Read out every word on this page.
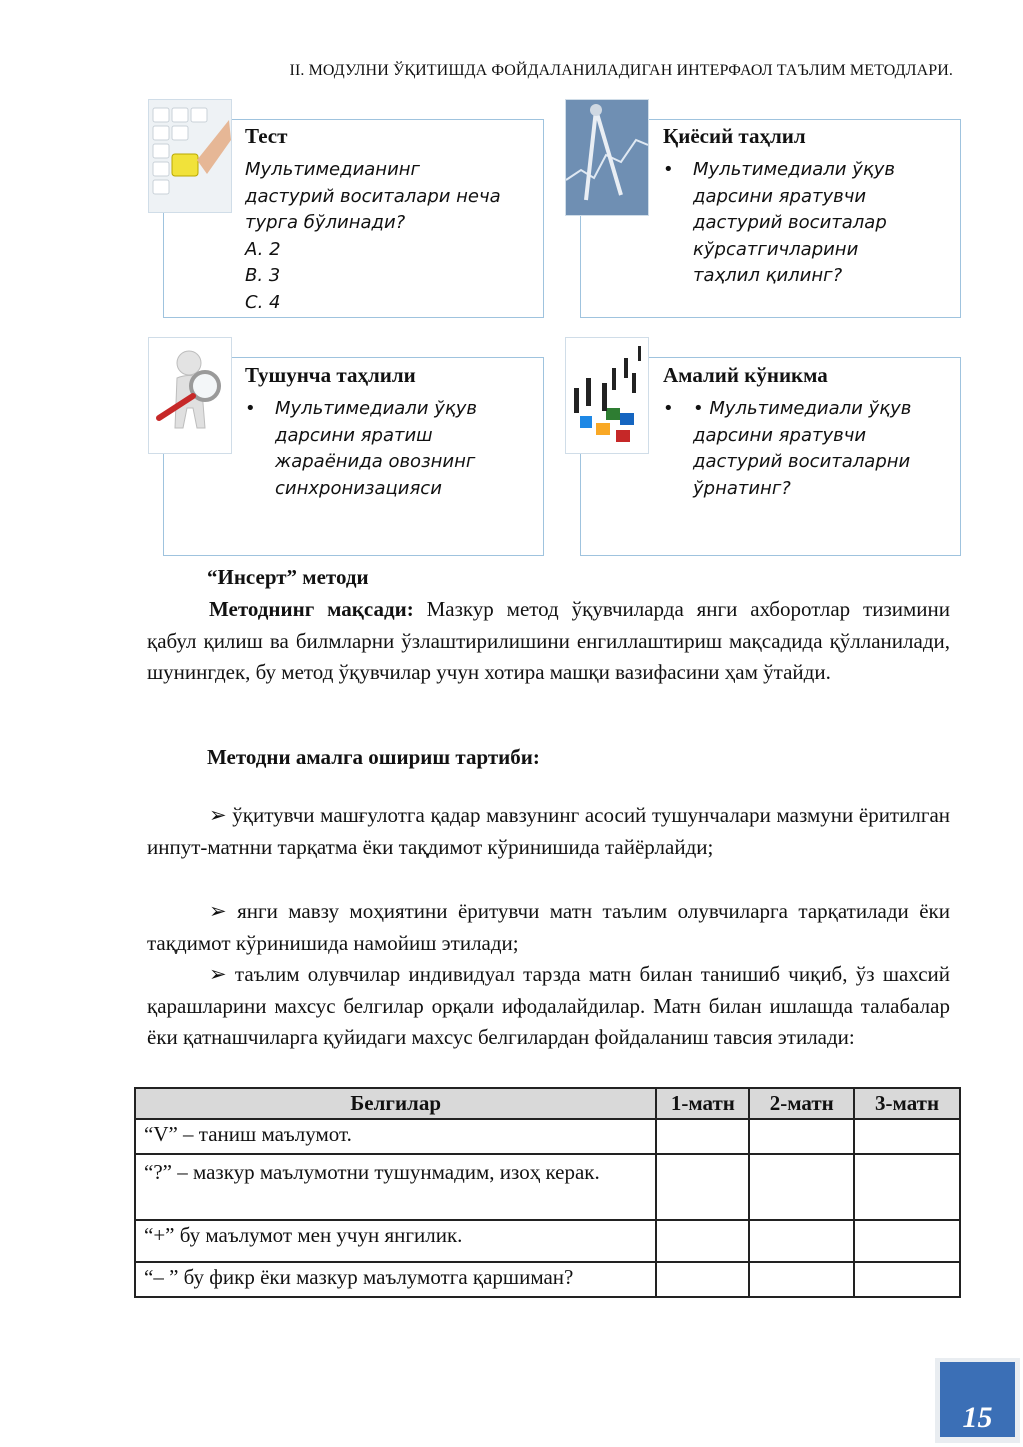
II. МОДУЛНИ ЎҚИТИШДА ФОЙДАЛАНИЛАДИГАН ИНТЕРФАОЛ ТАЪЛИМ МЕТОДЛАРИ.
Тест
Мультимедианинг
дастурий воситалари неча
турга бўлинади?
A. 2
B. 3
C. 4
Қиёсий таҳлил
•	Мультимедиали ўқув
дарсини яратувчи
дастурий воситалар
кўрсатгичларини
таҳлил қилинг?
Тушунча таҳлили
•	Мультимедиали ўқув
дарсини яратиш
жараёнида овознинг
синхронизацияси
Амалий кўникма
•	• Мультимедиали ўқув
дарсини яратувчи
дастурий воситаларни
ўрнатинг?
“Инсерт” методи
Методнинг мақсади: Мазкур метод ўқувчиларда янги ахборотлар тизимини қабул қилиш ва билмларни ўзлаштирилишини енгиллаштириш мақсадида қўлланилади, шунингдек, бу метод ўқувчилар учун хотира машқи вазифасини ҳам ўтайди.
Методни амалга ошириш тартиби:
➢ ўқитувчи машғулотга қадар мавзунинг асосий тушунчалари мазмуни ёритилган инпут-матнни тарқатма ёки тақдимот кўринишида тайёрлайди;
➢ янги мавзу моҳиятини ёритувчи матн таълим олувчиларга тарқатилади ёки тақдимот кўринишида намойиш этилади;
➢ таълим олувчилар индивидуал тарзда матн билан танишиб чиқиб, ўз шахсий қарашларини махсус белгилар орқали ифодалайдилар. Матн билан ишлашда талабалар ёки қатнашчиларга қуйидаги махсус белгилардан фойдаланиш тавсия этилади:
Белгилар	1-матн	2-матн	3-матн
“V” – таниш маълумот.			
“?” – мазкур маълумотни тушунмадим, изоҳ керак.			
“+” бу маълумот мен учун янгилик.			
“– ” бу фикр ёки мазкур маълумотга қаршиман?			
15
